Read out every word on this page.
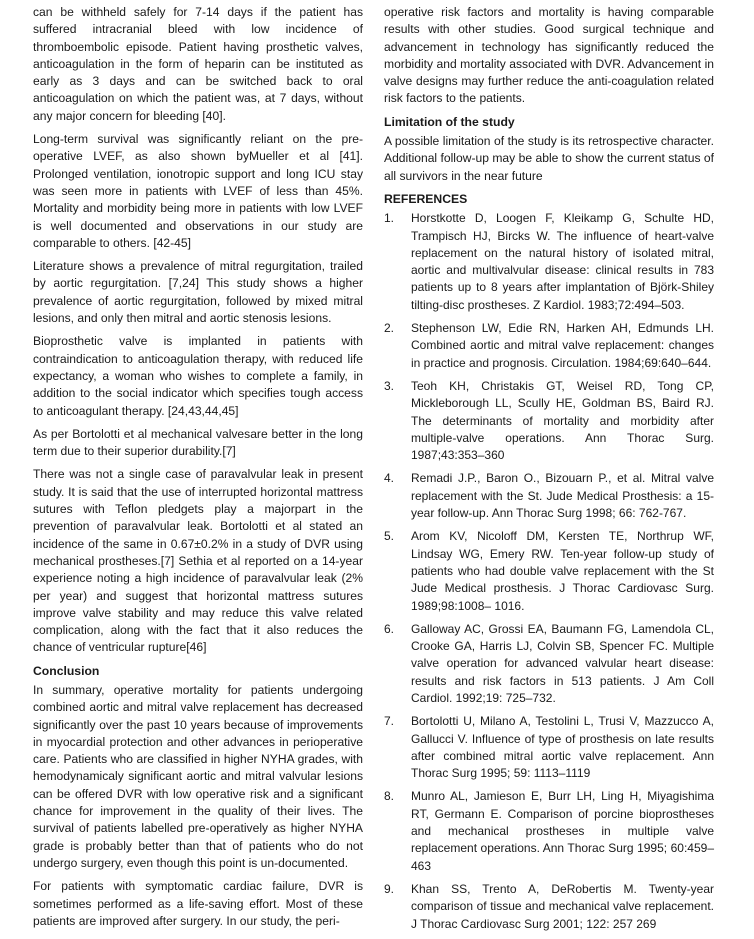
can be withheld safely for 7-14 days if the patient has suffered intracranial bleed with low incidence of thromboembolic episode. Patient having prosthetic valves, anticoagulation in the form of heparin can be instituted as early as 3 days and can be switched back to oral anticoagulation on which the patient was, at 7 days, without any major concern for bleeding [40].

Long-term survival was significantly reliant on the pre-operative LVEF, as also shown byMueller et al [41]. Prolonged ventilation, ionotropic support and long ICU stay was seen more in patients with LVEF of less than 45%. Mortality and morbidity being more in patients with low LVEF is well documented and observations in our study are comparable to others. [42-45]

Literature shows a prevalence of mitral regurgitation, trailed by aortic regurgitation. [7,24] This study shows a higher prevalence of aortic regurgitation, followed by mixed mitral lesions, and only then mitral and aortic stenosis lesions.

Bioprosthetic valve is implanted in patients with contraindication to anticoagulation therapy, with reduced life expectancy, a woman who wishes to complete a family, in addition to the social indicator which specifies tough access to anticoagulant therapy. [24,43,44,45]

As per Bortolotti et al mechanical valvesare better in the long term due to their superior durability.[7]

There was not a single case of paravalvular leak in present study. It is said that the use of interrupted horizontal mattress sutures with Teflon pledgets play a majorpart in the prevention of paravalvular leak. Bortolotti et al stated an incidence of the same in 0.67±0.2% in a study of DVR using mechanical prostheses.[7] Sethia et al reported on a 14-year experience noting a high incidence of paravalvular leak (2% per year) and suggest that horizontal mattress sutures improve valve stability and may reduce this valve related complication, along with the fact that it also reduces the chance of ventricular rupture[46]

Conclusion

In summary, operative mortality for patients undergoing combined aortic and mitral valve replacement has decreased significantly over the past 10 years because of improvements in myocardial protection and other advances in perioperative care. Patients who are classified in higher NYHA grades, with hemodynamicaly significant aortic and mitral valvular lesions can be offered DVR with low operative risk and a significant chance for improvement in the quality of their lives. The survival of patients labelled pre-operatively as higher NYHA grade is probably better than that of patients who do not undergo surgery, even though this point is un-documented.

For patients with symptomatic cardiac failure, DVR is sometimes performed as a life-saving effort. Most of these patients are improved after surgery. In our study, the peri-

operative risk factors and mortality is having comparable results with other studies. Good surgical technique and advancement in technology has significantly reduced the morbidity and mortality associated with DVR. Advancement in valve designs may further reduce the anti-coagulation related risk factors to the patients.

Limitation of the study

A possible limitation of the study is its retrospective character. Additional follow-up may be able to show the current status of all survivors in the near future

REFERENCES
1. Horstkotte D, Loogen F, Kleikamp G, Schulte HD, Trampisch HJ, Bircks W. The influence of heart-valve replacement on the natural history of isolated mitral, aortic and multivalvular disease: clinical results in 783 patients up to 8 years after implantation of Björk-Shiley tilting-disc prostheses. Z Kardiol. 1983;72:494–503.
2. Stephenson LW, Edie RN, Harken AH, Edmunds LH. Combined aortic and mitral valve replacement: changes in practice and prognosis. Circulation. 1984;69:640–644.
3. Teoh KH, Christakis GT, Weisel RD, Tong CP, Mickleborough LL, Scully HE, Goldman BS, Baird RJ. The determinants of mortality and morbidity after multiple-valve operations. Ann Thorac Surg. 1987;43:353–360
4. Remadi J.P., Baron O., Bizouarn P., et al. Mitral valve replacement with the St. Jude Medical Prosthesis: a 15-year follow-up. Ann Thorac Surg 1998; 66: 762-767.
5. Arom KV, Nicoloff DM, Kersten TE, Northrup WF, Lindsay WG, Emery RW. Ten-year follow-up study of patients who had double valve replacement with the St Jude Medical prosthesis. J Thorac Cardiovasc Surg. 1989;98:1008– 1016.
6. Galloway AC, Grossi EA, Baumann FG, Lamendola CL, Crooke GA, Harris LJ, Colvin SB, Spencer FC. Multiple valve operation for advanced valvular heart disease: results and risk factors in 513 patients. J Am Coll Cardiol. 1992;19: 725–732.
7. Bortolotti U, Milano A, Testolini L, Trusi V, Mazzucco A, Gallucci V. Influence of type of prosthesis on late results after combined mitral aortic valve replacement. Ann Thorac Surg 1995; 59: 1113–1119
8. Munro AL, Jamieson E, Burr LH, Ling H, Miyagishima RT, Germann E. Comparison of porcine bioprostheses and mechanical prostheses in multiple valve replacement operations. Ann Thorac Surg 1995; 60:459–463
9. Khan SS, Trento A, DeRobertis M. Twenty-year comparison of tissue and mechanical valve replacement. J Thorac Cardiovasc Surg 2001; 122: 257 269
